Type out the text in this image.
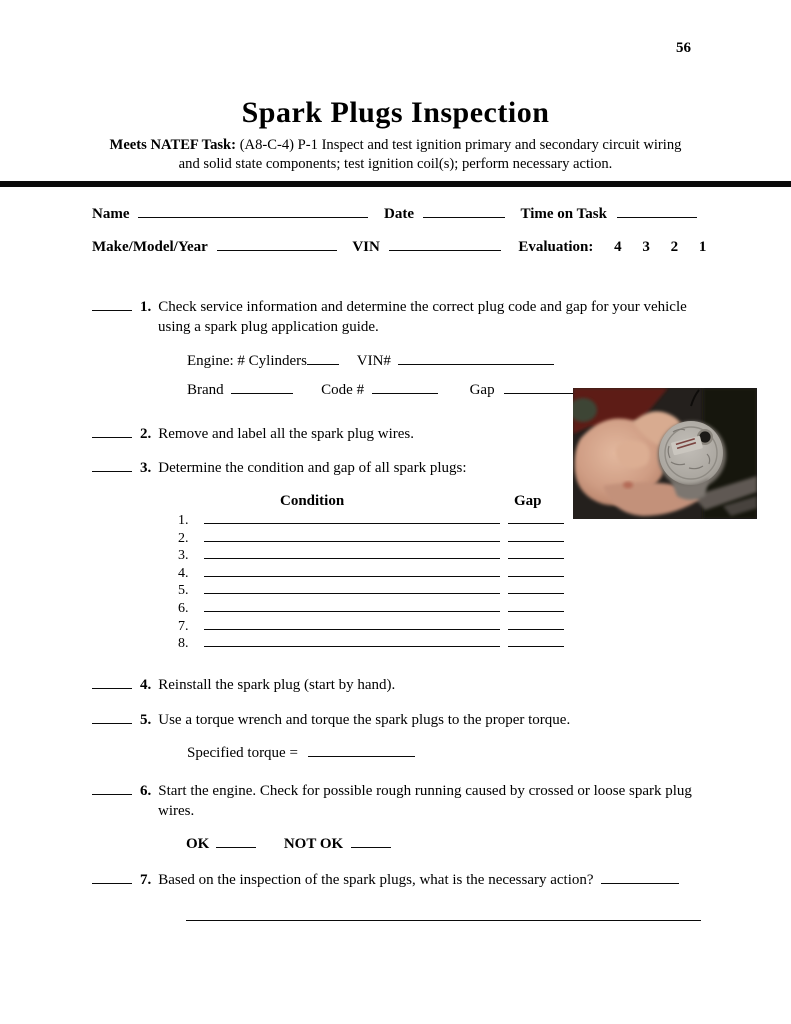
56
Spark Plugs Inspection
Meets NATEF Task: (A8-C-4) P-1 Inspect and test ignition primary and secondary circuit wiring and solid state components; test ignition coil(s); perform necessary action.
Name	Date	Time on Task
Make/Model/Year	VIN	Evaluation: 4 3 2 1
1. Check service information and determine the correct plug code and gap for your vehicle using a spark plug application guide.
Engine: # Cylinders	VIN#
Brand	Code #	Gap
2. Remove and label all the spark plug wires.
3. Determine the condition and gap of all spark plugs:
Condition	Gap
1.
2.
3.
4.
5.
6.
7.
8.
4. Reinstall the spark plug (start by hand).
5. Use a torque wrench and torque the spark plugs to the proper torque.
Specified torque =
6. Start the engine. Check for possible rough running caused by crossed or loose spark plug wires.
OK	NOT OK
7. Based on the inspection of the spark plugs, what is the necessary action?
